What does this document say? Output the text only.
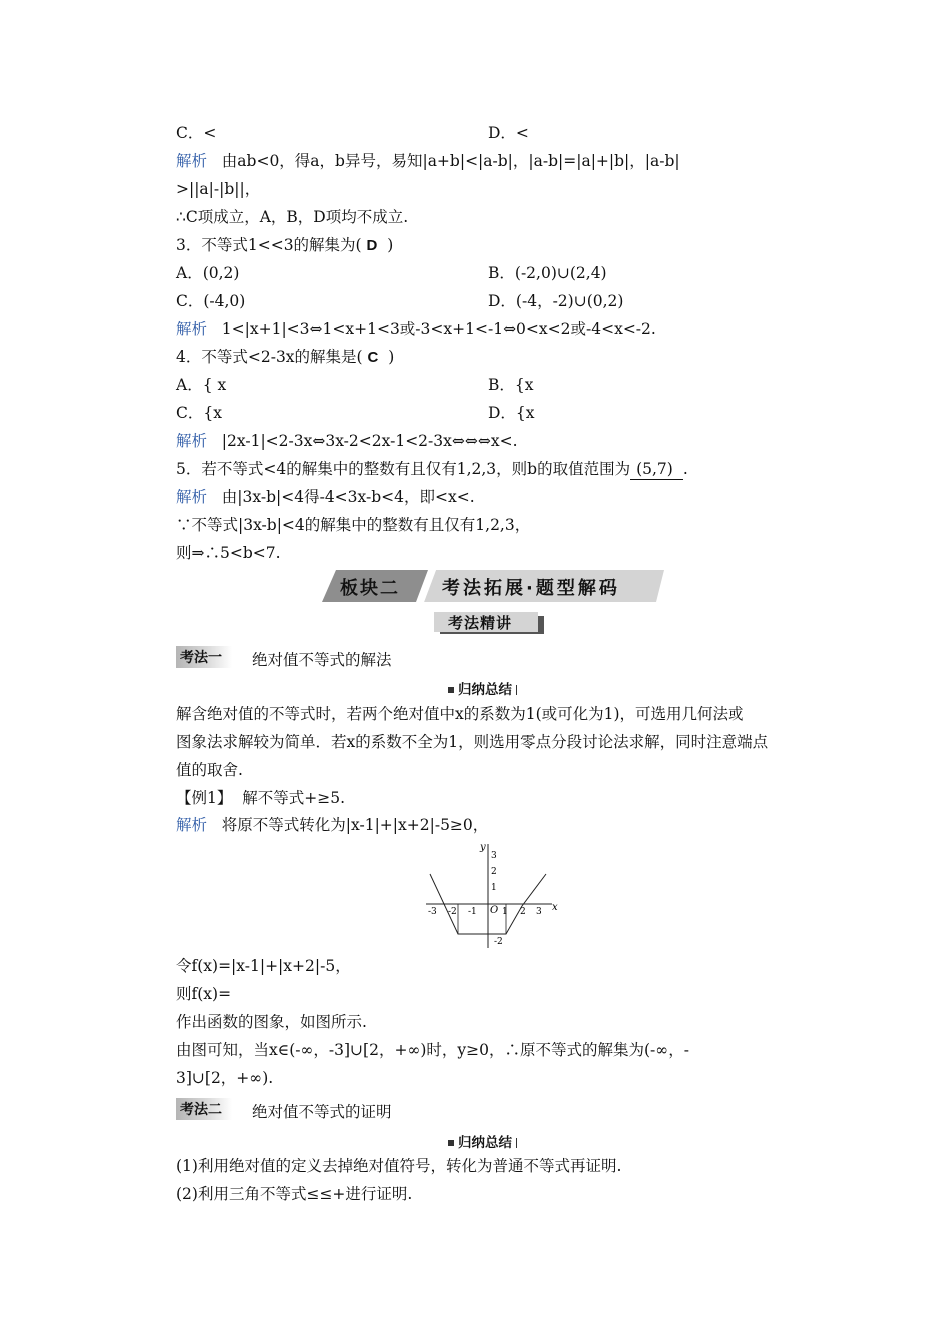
C．<	D．<
解析 由ab<0，得a，b异号，易知|a+b|<|a-b|，|a-b|=|a|+|b|，|a-b|
>||a|-|b||，
∴C项成立，A，B，D项均不成立.
3．不等式1<<3的解集为( D )
A．(0,2)	B．(-2,0)∪(2,4)
C．(-4,0)	D．(-4，-2)∪(0,2)
解析 1<|x+1|<3⇔1<x+1<3或-3<x+1<-1⇔0<x<2或-4<x<-2.
4．不等式<2-3x的解集是( C )
A．{ x	B．{x
C．{x	D．{x
解析 |2x-1|<2-3x⇔3x-2<2x-1<2-3x⇔⇔⇔x<.
5．若不等式<4的解集中的整数有且仅有1,2,3，则b的取值范围为 (5,7) .
解析 由|3x-b|<4得-4<3x-b<4，即<x<.
∵不等式|3x-b|<4的解集中的整数有且仅有1,2,3，
则⇒∴5<b<7.
板块二 考法拓展·题型解码
考法精讲
考法一 绝对值不等式的解法
归纳总结
解含绝对值的不等式时，若两个绝对值中x的系数为1(或可化为1)，可选用几何法或
图象法求解较为简单．若x的系数不全为1，则选用零点分段讨论法求解，同时注意端点
值的取舍.
【例1】 解不等式+≥5.
解析 将原不等式转化为|x-1|+|x+2|-5≥0，
y
x
O
3
2
1
-2
-3 -2 -1	1 2 3
令f(x)=|x-1|+|x+2|-5，
则f(x)=
作出函数的图象，如图所示.
由图可知，当x∈(-∞，-3]∪[2，+∞)时，y≥0，∴原不等式的解集为(-∞，-
3]∪[2，+∞).
考法二 绝对值不等式的证明
归纳总结
(1)利用绝对值的定义去掉绝对值符号，转化为普通不等式再证明.
(2)利用三角不等式≤≤+进行证明.
